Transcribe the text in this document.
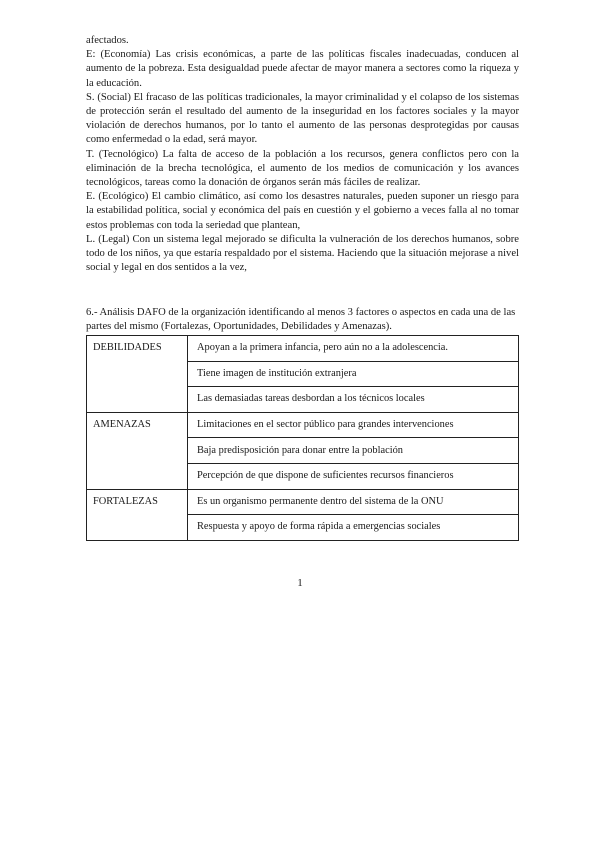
afectados.

E: (Economía) Las crisis económicas, a parte de las políticas fiscales inadecuadas, conducen al aumento de la pobreza. Esta desigualdad puede afectar de mayor manera a sectores como la riqueza y la educación.

S. (Social) El fracaso de las políticas tradicionales, la mayor criminalidad y el colapso de los sistemas de protección serán el resultado del aumento de la inseguridad en los factores sociales y la mayor violación de derechos humanos, por lo tanto el aumento de las personas desprotegidas por causas como enfermedad o la edad, será mayor.

T. (Tecnológico) La falta de acceso de la población a los recursos, genera conflictos pero con la eliminación de la brecha tecnológica, el aumento de los medios de comunicación y los avances tecnológicos, tareas como la donación de órganos serán más fáciles de realizar.

E. (Ecológico) El cambio climático, así como los desastres naturales, pueden suponer un riesgo para la estabilidad política, social y económica del país en cuestión y el gobierno a veces falla al no tomar estos problemas con toda la seriedad que plantean,

L. (Legal) Con un sistema legal mejorado se dificulta la vulneración de los derechos humanos, sobre todo de los niños, ya que estaría respaldado por el sistema. Haciendo que la situación mejorase a nivel social y legal en dos sentidos a la vez,

6.- Análisis DAFO de la organización identificando al menos 3 factores o aspectos en cada una de las partes del mismo (Fortalezas, Oportunidades, Debilidades y Amenazas).

DEBILIDADES	Apoyan a la primera infancia, pero aún no a la adolescencia.
	Tiene imagen de institución extranjera
	Las demasiadas tareas desbordan a los técnicos locales
AMENAZAS	Limitaciones en el sector público para grandes intervenciones
	Baja predisposición para donar entre la población
	Percepción de que dispone de suficientes recursos financieros
FORTALEZAS	Es un organismo permanente dentro del sistema de la ONU
	Respuesta y apoyo de forma rápida a emergencias sociales
1
